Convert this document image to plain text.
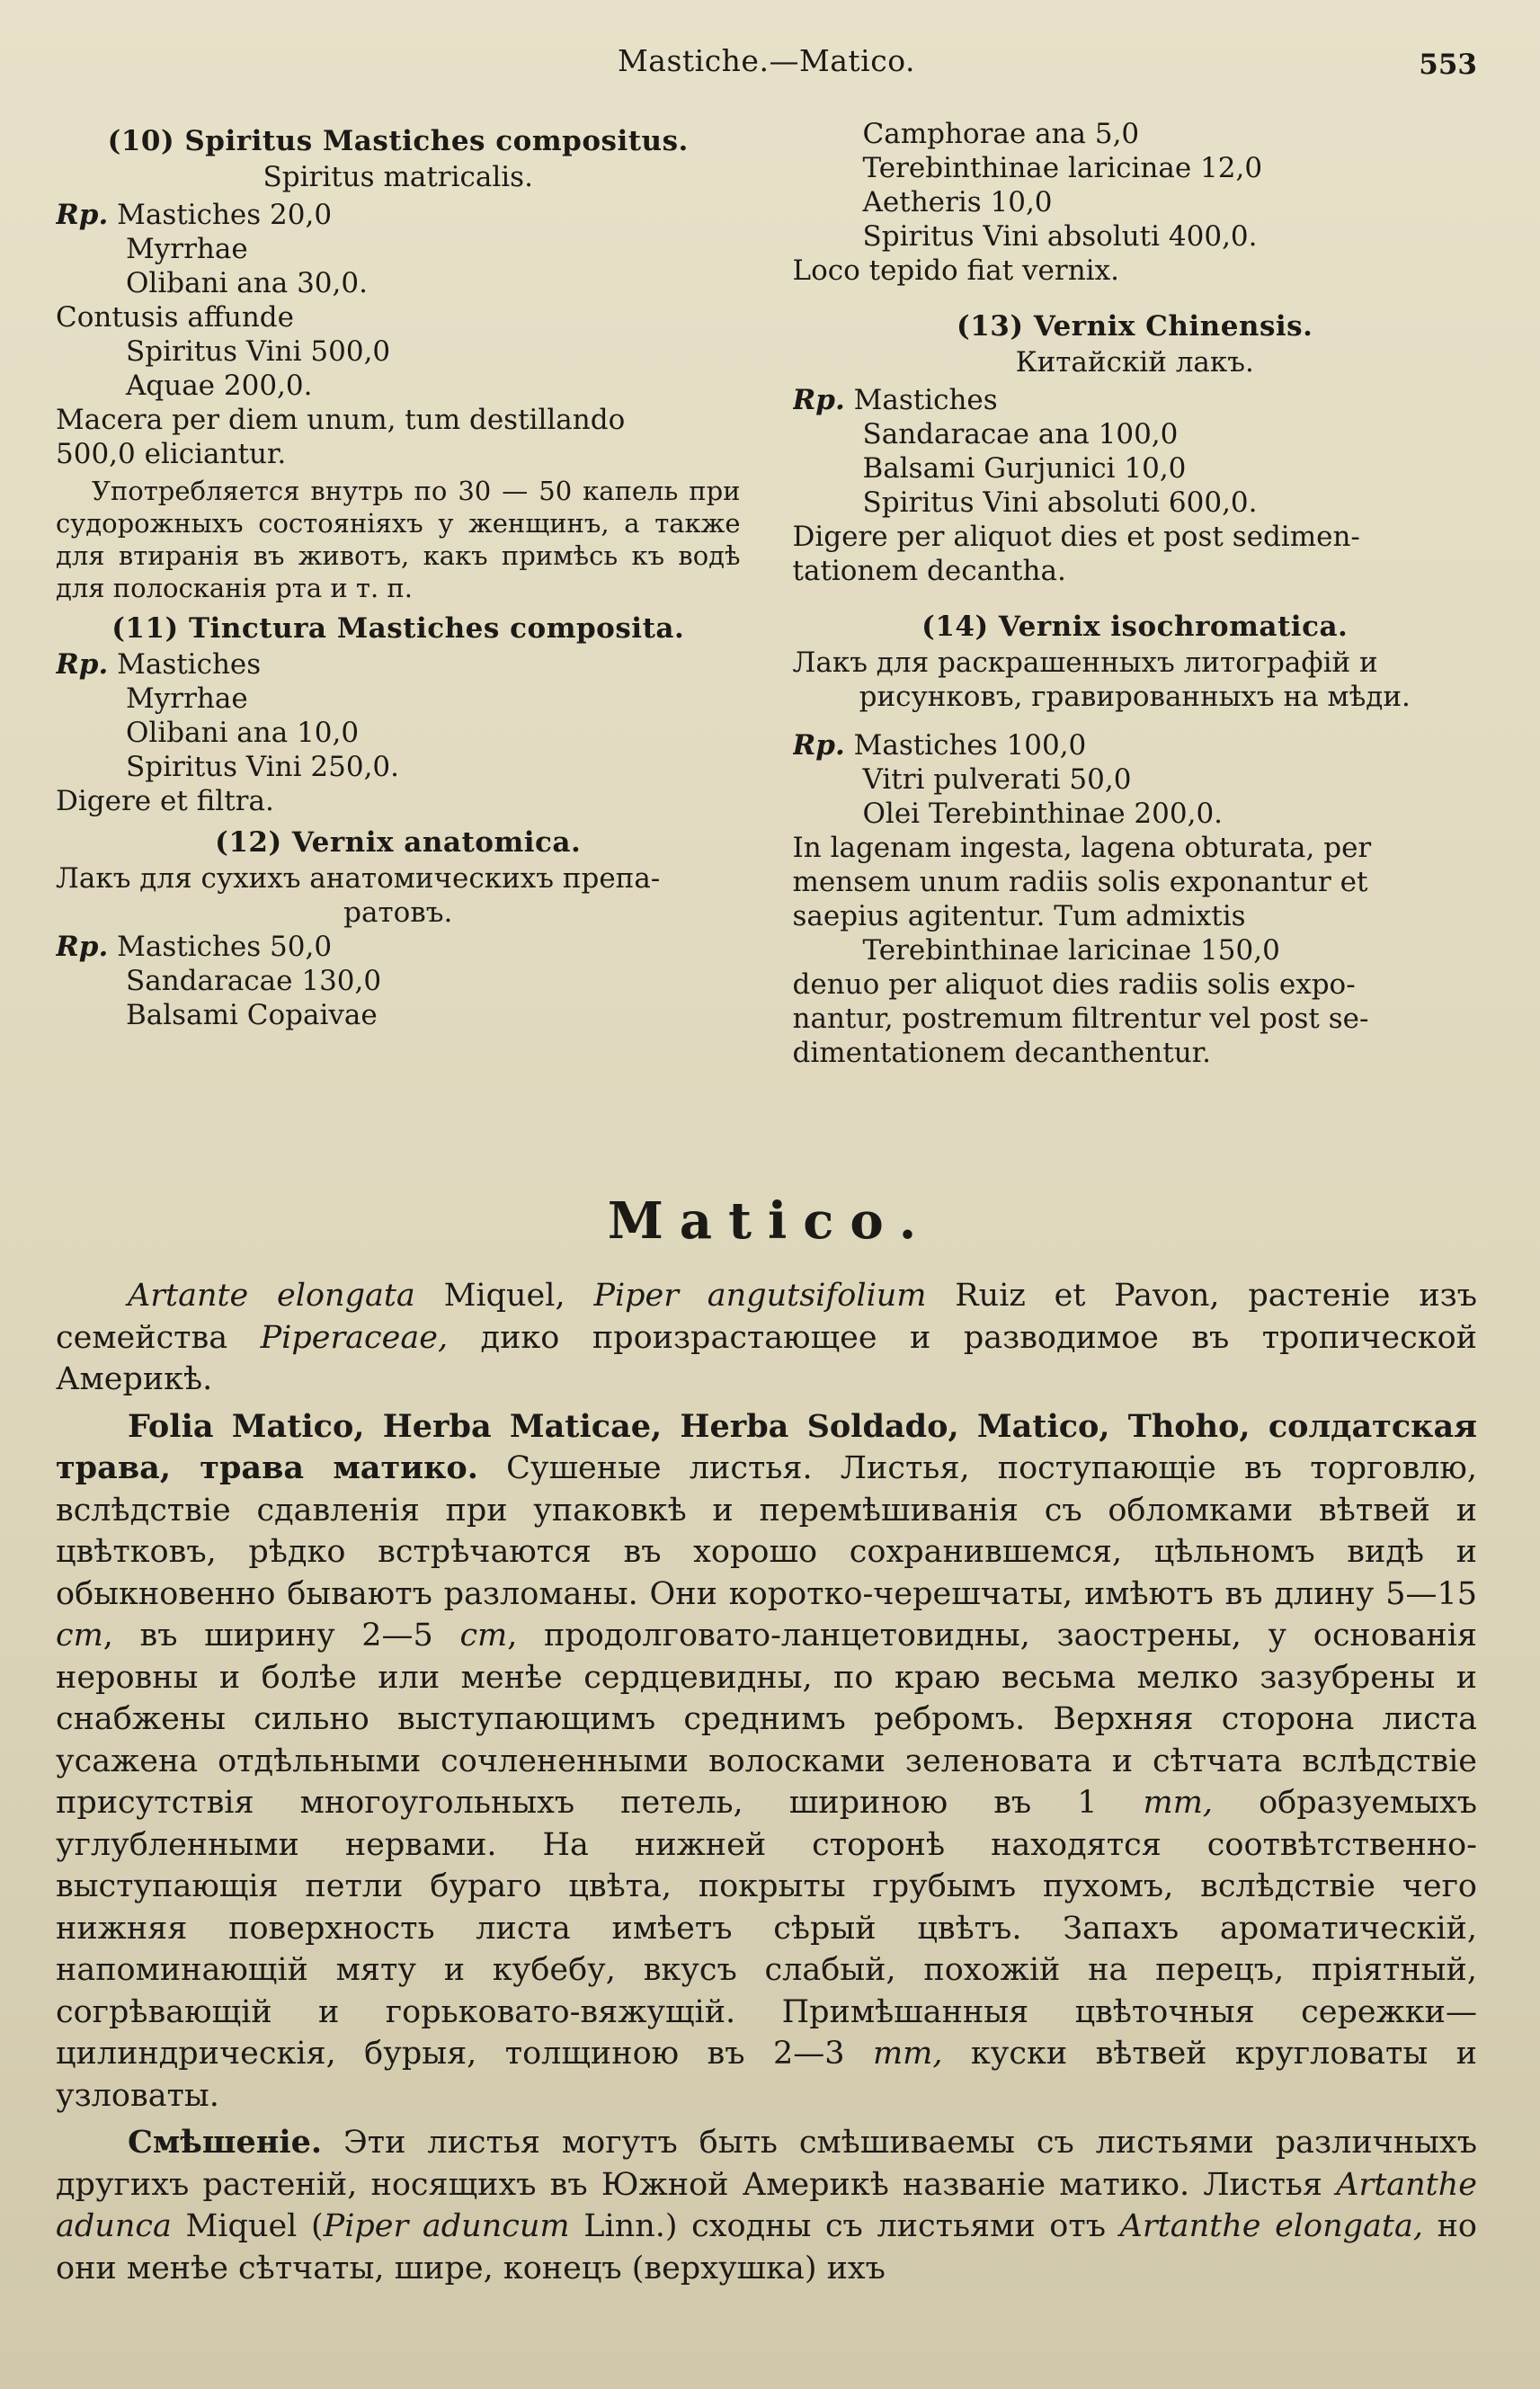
Mastiche.—Matico.	553
(10) Spiritus Mastiches compositus.
Spiritus matricalis.
Rp. Mastiches 20,0
Myrrhae
Olibani ana 30,0.
Contusis affunde
Spiritus Vini 500,0
Aquae 200,0.
Macera per diem unum, tum destillando
500,0 eliciantur.
Употребляется внутрь по 30 — 50 капель при судорожныхъ состоянiяхъ у женщинъ, а также для втиранiя въ животъ, какъ примѣсь къ водѣ для полосканiя рта и т. п.
(11) Tinctura Mastiches composita.
Rp. Mastiches
Myrrhae
Olibani ana 10,0
Spiritus Vini 250,0.
Digere et filtra.
(12) Vernix anatomica.
Лакъ для сухихъ анатомическихъ препа-
ратовъ.
Rp. Mastiches 50,0
Sandaracae 130,0
Balsami Copaivae
Camphorae ana 5,0
Terebinthinae laricinae 12,0
Aetheris 10,0
Spiritus Vini absoluti 400,0.
Loco tepido fiat vernix.
(13) Vernix Chinensis.
Китайскiй лакъ.
Rp. Mastiches
Sandaracae ana 100,0
Balsami Gurjunici 10,0
Spiritus Vini absoluti 600,0.
Digere per aliquot dies et post sedimen-
tationem decantha.
(14) Vernix isochromatica.
Лакъ для раскрашенныхъ литографiй и
рисунковъ, гравированныхъ на мѣди.
Rp. Mastiches 100,0
Vitri pulverati 50,0
Olei Terebinthinae 200,0.
In lagenam ingesta, lagena obturata, per
mensem unum radiis solis exponantur et
saepius agitentur. Tum admixtis
Terebinthinae laricinae 150,0
denuo per aliquot dies radiis solis expo-
nantur, postremum filtrentur vel post se-
dimentationem decanthentur.
Matico.

Artante elongata Miquel, Piper angutsifolium Ruiz et Pavon, растенiе изъ семейства Piperaceae, дико произрастающее и разводимое въ тропической Америкѣ.

Folia Matico, Herba Maticae, Herba Soldado, Matico, Thoho, солдатская трава, трава матико. Сушеные листья. Листья, поступающiе въ торговлю, вслѣдствiе сдавленiя при упаковкѣ и перемѣшиванiя съ обломками вѣтвей и цвѣтковъ, рѣдко встрѣчаются въ хорошо сохранившемся, цѣльномъ видѣ и обыкновенно бываютъ разломаны. Они коротко-черешчаты, имѣютъ въ длину 5—15 cm, въ ширину 2—5 cm, продолговато-ланцетовидны, заострены, у основанiя неровны и болѣе или менѣе сердцевидны, по краю весьма мелко зазубрены и снабжены сильно выступающимъ среднимъ ребромъ. Верхняя сторона листа усажена отдѣльными сочлененными волосками зеленовата и сѣтчата вслѣдствiе присутствiя многоугольныхъ петель, шириною въ 1 mm, образуемыхъ углубленными нервами. На нижней сторонѣ находятся соотвѣтственно-выступающiя петли бураго цвѣта, покрыты грубымъ пухомъ, вслѣдствiе чего нижняя поверхность листа имѣетъ сѣрый цвѣтъ. Запахъ ароматическiй, напоминающiй мяту и кубебу, вкусъ слабый, похожiй на перецъ, прiятный, согрѣвающiй и горьковато-вяжущiй. Примѣшанныя цвѣточныя сережки—цилиндрическiя, бурыя, толщиною въ 2—3 mm, куски вѣтвей кругловаты и узловаты.

Смѣшенiе. Эти листья могутъ быть смѣшиваемы съ листьями различныхъ другихъ растенiй, носящихъ въ Южной Америкѣ названiе матико. Листья Artanthe adunca Miquel (Piper aduncum Linn.) сходны съ листьями отъ Artanthe elongata, но они менѣе сѣтчаты, шире, конецъ (верхушка) ихъ
